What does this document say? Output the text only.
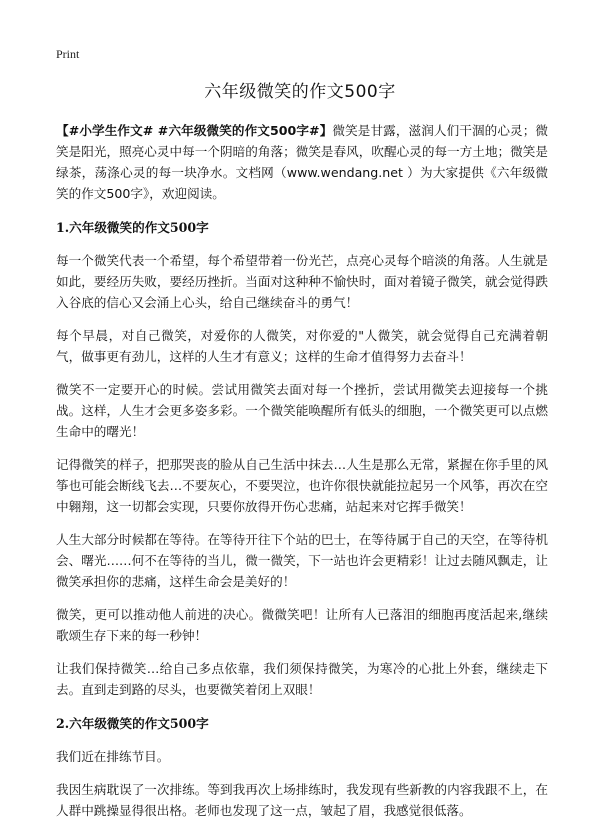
Print
六年级微笑的作文500字

【#小学生作文# #六年级微笑的作文500字#】微笑是甘露，滋润人们干涸的心灵；微笑是阳光，照亮心灵中每一个阴暗的角落；微笑是春风，吹醒心灵的每一方土地；微笑是绿茶，荡涤心灵的每一块净水。文档网（www.wendang.net ）为大家提供《六年级微笑的作文500字》，欢迎阅读。

1.六年级微笑的作文500字

每一个微笑代表一个希望，每个希望带着一份光芒，点亮心灵每个暗淡的角落。人生就是如此，要经历失败，要经历挫折。当面对这种种不愉快时，面对着镜子微笑，就会觉得跌入谷底的信心又会涌上心头，给自己继续奋斗的勇气！

每个早晨，对自己微笑，对爱你的人微笑，对你爱的"人微笑，就会觉得自己充满着朝气，做事更有劲儿，这样的人生才有意义；这样的生命才值得努力去奋斗！

微笑不一定要开心的时候。尝试用微笑去面对每一个挫折，尝试用微笑去迎接每一个挑战。这样，人生才会更多姿多彩。一个微笑能唤醒所有低头的细胞，一个微笑更可以点燃生命中的曙光！

记得微笑的样子，把那哭丧的脸从自己生活中抹去…人生是那么无常，紧握在你手里的风筝也可能会断线飞去…不要灰心，不要哭泣，也许你很快就能拉起另一个风筝，再次在空中翱翔，这一切都会实现，只要你放得开伤心悲痛，站起来对它挥手微笑！

人生大部分时候都在等待。在等待开往下个站的巴士，在等待属于自己的天空，在等待机会、曙光……何不在等待的当儿，微一微笑，下一站也许会更精彩！让过去随风飘走，让微笑承担你的悲痛，这样生命会是美好的！

微笑，更可以推动他人前进的决心。微微笑吧！让所有人已落泪的细胞再度活起来,继续歌颂生存下来的每一秒钟！

让我们保持微笑…给自己多点依靠，我们须保持微笑，为寒冷的心批上外套，继续走下去。直到走到路的尽头，也要微笑着闭上双眼！

2.六年级微笑的作文500字

我们近在排练节目。

我因生病耽误了一次排练。等到我再次上场排练时，我发现有些新教的内容我跟不上，在人群中跳操显得很出格。老师也发现了这一点，皱起了眉，我感觉很低落。
